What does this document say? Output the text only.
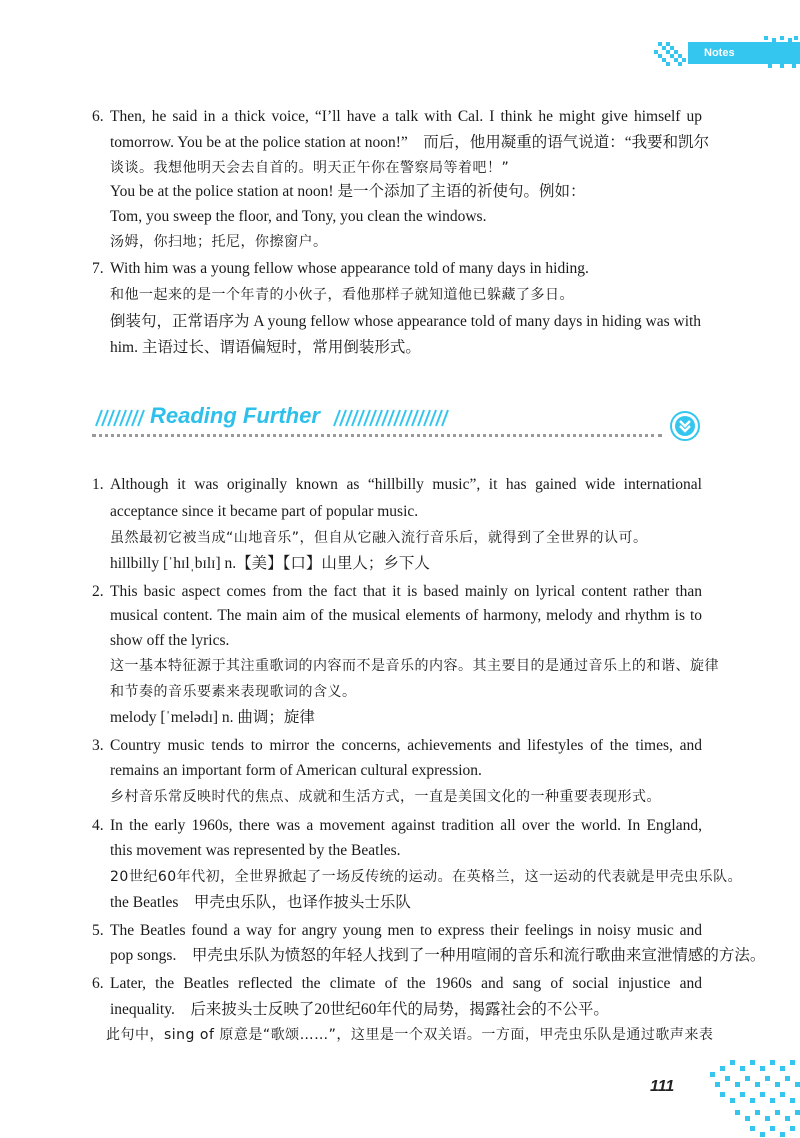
Notes
6. Then, he said in a thick voice, “I’ll have a talk with Cal. I think he might give himself up
tomorrow. You be at the police station at noon!”　而后，他用凝重的语气说道：“我要和凯尔
谈谈。我想他明天会去自首的。明天正午你在警察局等着吧！”
You be at the police station at noon! 是一个添加了主语的祈使句。例如：
Tom, you sweep the floor, and Tony, you clean the windows.
汤姆，你扫地；托尼，你擦窗户。
7. With him was a young fellow whose appearance told of many days in hiding.
和他一起来的是一个年青的小伙子，看他那样子就知道他已躲藏了多日。
倒装句，正常语序为 A young fellow whose appearance told of many days in hiding was with
him. 主语过长、谓语偏短时，常用倒装形式。
Reading Further
1. Although it was originally known as “hillbilly music”, it has gained wide international
acceptance since it became part of popular music.
虽然最初它被当成“山地音乐”，但自从它融入流行音乐后，就得到了全世界的认可。
hillbilly [ˈhɪlˌbɪlɪ] n.【美】【口】山里人；乡下人
2. This basic aspect comes from the fact that it is based mainly on lyrical content rather than
musical content. The main aim of the musical elements of harmony, melody and rhythm is to
show off the lyrics.
这一基本特征源于其注重歌词的内容而不是音乐的内容。其主要目的是通过音乐上的和谐、旋律
和节奏的音乐要素来表现歌词的含义。
melody [ˈmelədɪ] n. 曲调；旋律
3. Country music tends to mirror the concerns, achievements and lifestyles of the times, and
remains an important form of American cultural expression.
乡村音乐常反映时代的焦点、成就和生活方式，一直是美国文化的一种重要表现形式。
4. In the early 1960s, there was a movement against tradition all over the world. In England,
this movement was represented by the Beatles.
20世纪60年代初，全世界掀起了一场反传统的运动。在英格兰，这一运动的代表就是甲壳虫乐队。
the Beatles　甲壳虫乐队，也译作披头士乐队
5. The Beatles found a way for angry young men to express their feelings in noisy music and
pop songs.　甲壳虫乐队为愤怒的年轻人找到了一种用喧闹的音乐和流行歌曲来宣泄情感的方法。
6. Later, the Beatles reflected the climate of the 1960s and sang of social injustice and
inequality.　后来披头士反映了20世纪60年代的局势，揭露社会的不公平。
此句中，sing of 原意是“歌颂……”，这里是一个双关语。一方面，甲壳虫乐队是通过歌声来表
111
